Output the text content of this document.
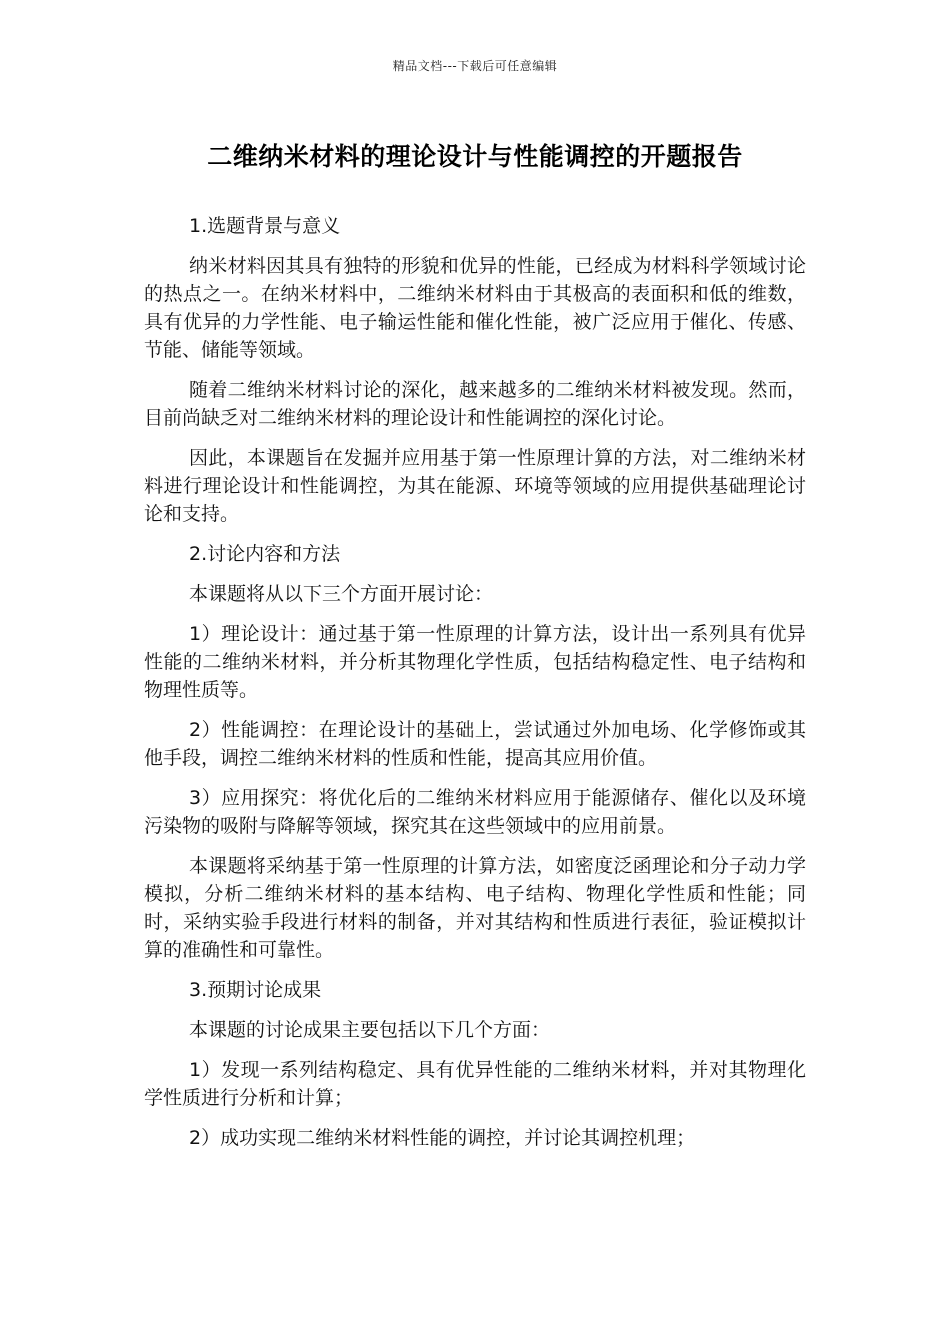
精品文档---下载后可任意编辑
二维纳米材料的理论设计与性能调控的开题报告

1.选题背景与意义

纳米材料因其具有独特的形貌和优异的性能，已经成为材料科学领域讨论的热点之一。在纳米材料中，二维纳米材料由于其极高的表面积和低的维数，具有优异的力学性能、电子输运性能和催化性能，被广泛应用于催化、传感、节能、储能等领域。

随着二维纳米材料讨论的深化，越来越多的二维纳米材料被发现。然而，目前尚缺乏对二维纳米材料的理论设计和性能调控的深化讨论。

因此，本课题旨在发掘并应用基于第一性原理计算的方法，对二维纳米材料进行理论设计和性能调控，为其在能源、环境等领域的应用提供基础理论讨论和支持。

2.讨论内容和方法

本课题将从以下三个方面开展讨论：

1）理论设计：通过基于第一性原理的计算方法，设计出一系列具有优异性能的二维纳米材料，并分析其物理化学性质，包括结构稳定性、电子结构和物理性质等。

2）性能调控：在理论设计的基础上，尝试通过外加电场、化学修饰或其他手段，调控二维纳米材料的性质和性能，提高其应用价值。

3）应用探究：将优化后的二维纳米材料应用于能源储存、催化以及环境污染物的吸附与降解等领域，探究其在这些领域中的应用前景。

本课题将采纳基于第一性原理的计算方法，如密度泛函理论和分子动力学模拟，分析二维纳米材料的基本结构、电子结构、物理化学性质和性能；同时，采纳实验手段进行材料的制备，并对其结构和性质进行表征，验证模拟计算的准确性和可靠性。

3.预期讨论成果

本课题的讨论成果主要包括以下几个方面：

1）发现一系列结构稳定、具有优异性能的二维纳米材料，并对其物理化学性质进行分析和计算；

2）成功实现二维纳米材料性能的调控，并讨论其调控机理；
